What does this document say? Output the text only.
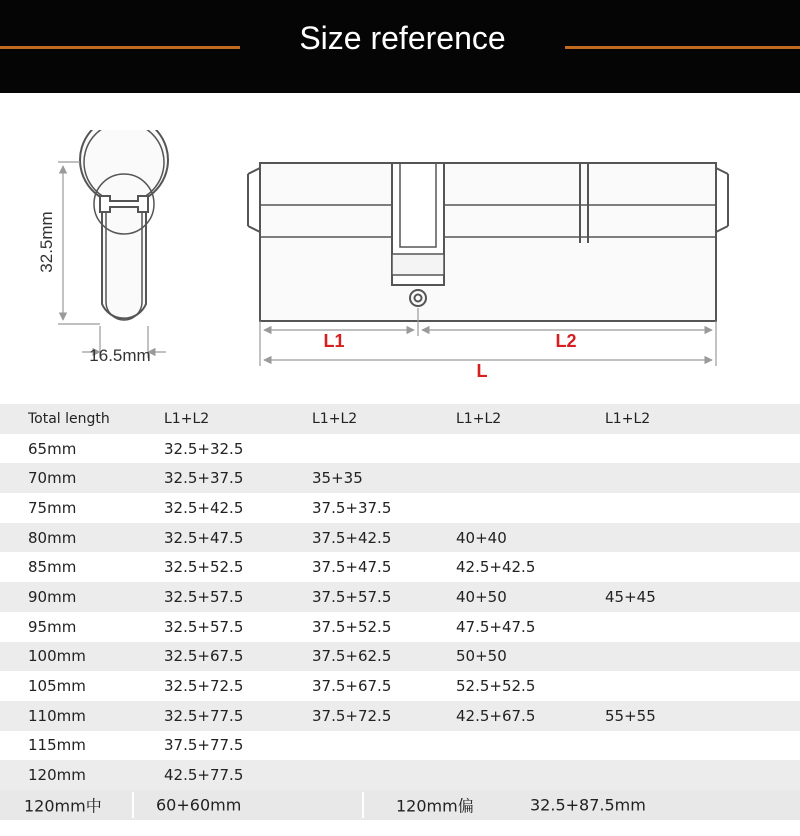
Size reference
32.5mm
16.5mm
L1	L2
L
Total length	L1+L2	L1+L2	L1+L2	L1+L2
65mm	32.5+32.5
70mm	32.5+37.5	35+35
75mm	32.5+42.5	37.5+37.5
80mm	32.5+47.5	37.5+42.5	40+40
85mm	32.5+52.5	37.5+47.5	42.5+42.5
90mm	32.5+57.5	37.5+57.5	40+50	45+45
95mm	32.5+57.5	37.5+52.5	47.5+47.5
100mm	32.5+67.5	37.5+62.5	50+50
105mm	32.5+72.5	37.5+67.5	52.5+52.5
110mm	32.5+77.5	37.5+72.5	42.5+67.5	55+55
115mm	37.5+77.5
120mm	42.5+77.5
120mm中	60+60mm	120mm偏	32.5+87.5mm
